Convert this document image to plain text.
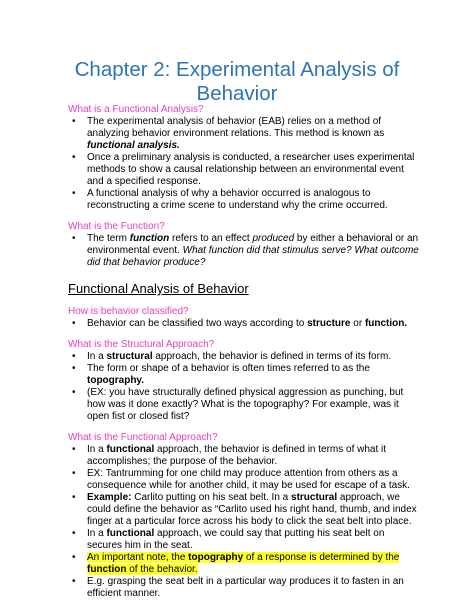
Chapter 2: Experimental Analysis of
Behavior

What is a Functional Analysis?

• The experimental analysis of behavior (EAB) relies on a method of analyzing behavior environment relations. This method is known as functional analysis.
• Once a preliminary analysis is conducted, a researcher uses experimental methods to show a causal relationship between an environmental event and a specified response.
• A functional analysis of why a behavior occurred is analogous to reconstructing a crime scene to understand why the crime occurred.

What is the Function?

• The term function refers to an effect produced by either a behavioral or an environmental event. What function did that stimulus serve? What outcome did that behavior produce?

Functional Analysis of Behavior

How is behavior classified?

• Behavior can be classified two ways according to structure or function.

What is the Structural Approach?

• In a structural approach, the behavior is defined in terms of its form.
• The form or shape of a behavior is often times referred to as the topography.
• (EX: you have structurally defined physical aggression as punching, but how was it done exactly? What is the topography? For example, was it open fist or closed fist?

What is the Functional Approach?

• In a functional approach, the behavior is defined in terms of what it accomplishes; the purpose of the behavior.
• EX: Tantrumming for one child may produce attention from others as a consequence while for another child, it may be used for escape of a task.
• Example: Carlito putting on his seat belt. In a structural approach, we could define the behavior as “Carlito used his right hand, thumb, and index finger at a particular force across his body to click the seat belt into place.
• In a functional approach, we could say that putting his seat belt on secures him in the seat.
• An important note, the topography of a response is determined by the function of the behavior.
• E.g. grasping the seat belt in a particular way produces it to fasten in an efficient manner.
